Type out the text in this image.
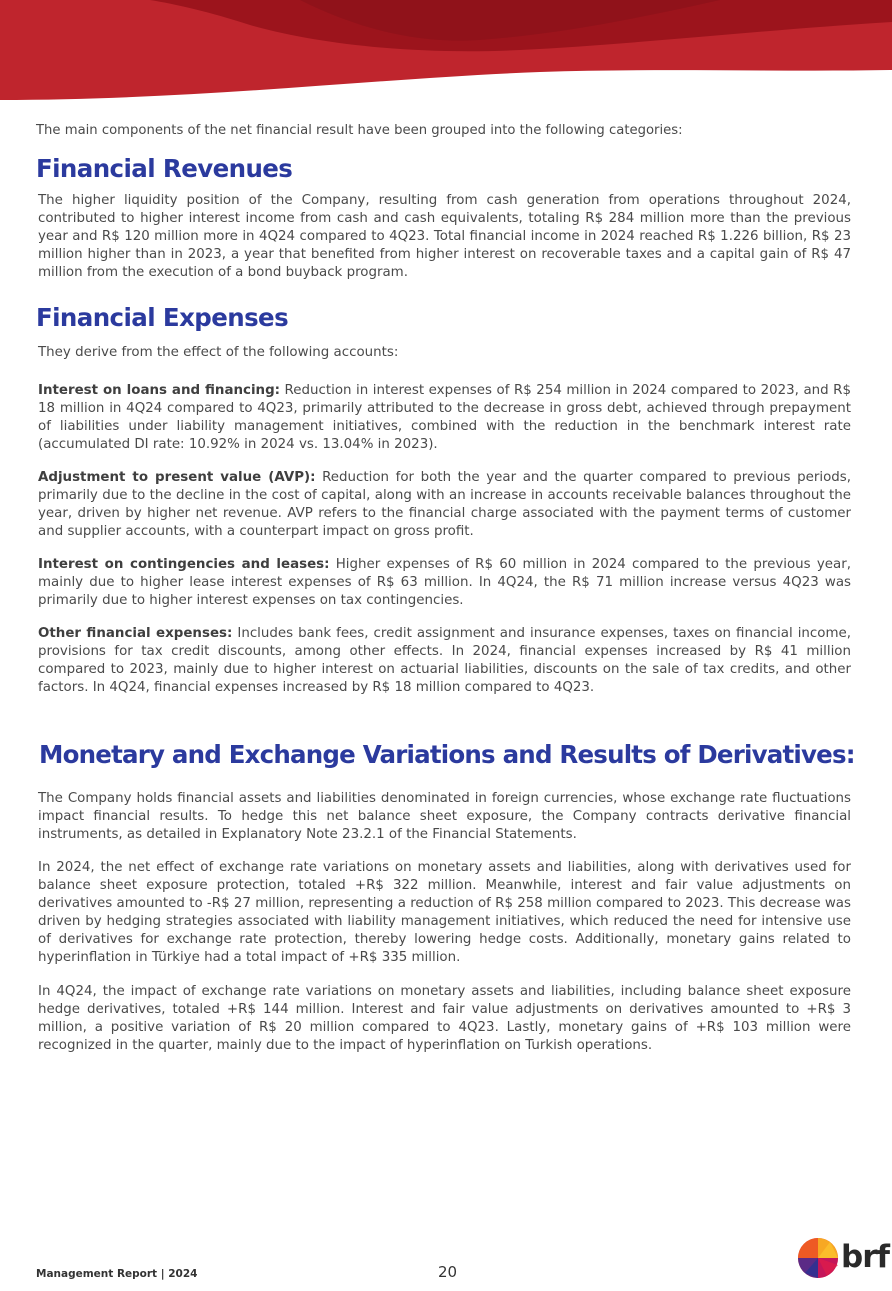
The main components of the net financial result have been grouped into the following categories:

Financial Revenues

The higher liquidity position of the Company, resulting from cash generation from operations throughout 2024, contributed to higher interest income from cash and cash equivalents, totaling R$ 284 million more than the previous year and R$ 120 million more in 4Q24 compared to 4Q23. Total financial income in 2024 reached R$ 1.226 billion, R$ 23 million higher than in 2023, a year that benefited from higher interest on recoverable taxes and a capital gain of R$ 47 million from the execution of a bond buyback program.

Financial Expenses

They derive from the effect of the following accounts:

Interest on loans and financing: Reduction in interest expenses of R$ 254 million in 2024 compared to 2023, and R$ 18 million in 4Q24 compared to 4Q23, primarily attributed to the decrease in gross debt, achieved through prepayment of liabilities under liability management initiatives, combined with the reduction in the benchmark interest rate (accumulated DI rate: 10.92% in 2024 vs. 13.04% in 2023).

Adjustment to present value (AVP): Reduction for both the year and the quarter compared to previous periods, primarily due to the decline in the cost of capital, along with an increase in accounts receivable balances throughout the year, driven by higher net revenue. AVP refers to the financial charge associated with the payment terms of customer and supplier accounts, with a counterpart impact on gross profit.

Interest on contingencies and leases: Higher expenses of R$ 60 million in 2024 compared to the previous year, mainly due to higher lease interest expenses of R$ 63 million. In 4Q24, the R$ 71 million increase versus 4Q23 was primarily due to higher interest expenses on tax contingencies.

Other financial expenses: Includes bank fees, credit assignment and insurance expenses, taxes on financial income, provisions for tax credit discounts, among other effects. In 2024, financial expenses increased by R$ 41 million compared to 2023, mainly due to higher interest on actuarial liabilities, discounts on the sale of tax credits, and other factors. In 4Q24, financial expenses increased by R$ 18 million compared to 4Q23.

Monetary and Exchange Variations and Results of Derivatives:

The Company holds financial assets and liabilities denominated in foreign currencies, whose exchange rate fluctuations impact financial results. To hedge this net balance sheet exposure, the Company contracts derivative financial instruments, as detailed in Explanatory Note 23.2.1 of the Financial Statements.

In 2024, the net effect of exchange rate variations on monetary assets and liabilities, along with derivatives used for balance sheet exposure protection, totaled +R$ 322 million. Meanwhile, interest and fair value adjustments on derivatives amounted to -R$ 27 million, representing a reduction of R$ 258 million compared to 2023. This decrease was driven by hedging strategies associated with liability management initiatives, which reduced the need for intensive use of derivatives for exchange rate protection, thereby lowering hedge costs. Additionally, monetary gains related to hyperinflation in Türkiye had a total impact of +R$ 335 million.

In 4Q24, the impact of exchange rate variations on monetary assets and liabilities, including balance sheet exposure hedge derivatives, totaled +R$ 144 million. Interest and fair value adjustments on derivatives amounted to +R$ 3 million, a positive variation of R$ 20 million compared to 4Q23. Lastly, monetary gains of +R$ 103 million were recognized in the quarter, mainly due to the impact of hyperinflation on Turkish operations.

Management Report | 2024	20	brf
